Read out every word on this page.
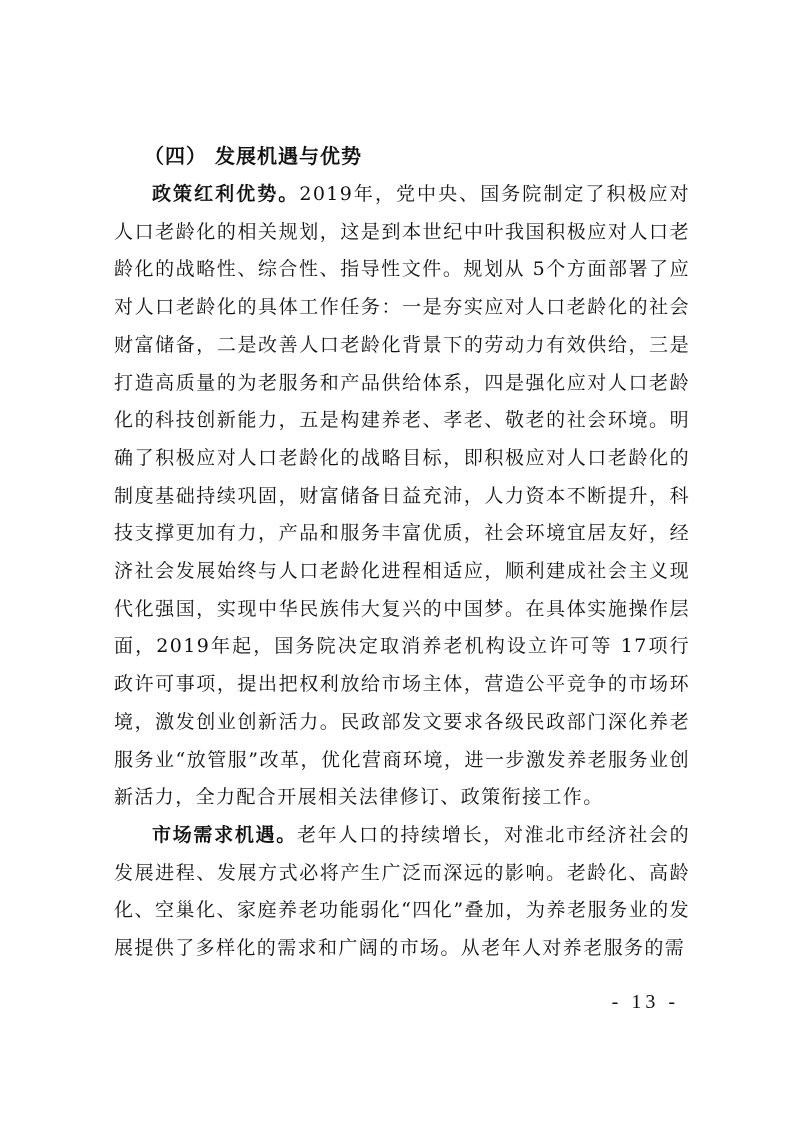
（四） 发展机遇与优势

政策红利优势。2019年，党中央、国务院制定了积极应对人口老龄化的相关规划，这是到本世纪中叶我国积极应对人口老龄化的战略性、综合性、指导性文件。规划从 5个方面部署了应对人口老龄化的具体工作任务：一是夯实应对人口老龄化的社会财富储备，二是改善人口老龄化背景下的劳动力有效供给，三是打造高质量的为老服务和产品供给体系，四是强化应对人口老龄化的科技创新能力，五是构建养老、孝老、敬老的社会环境。明确了积极应对人口老龄化的战略目标，即积极应对人口老龄化的制度基础持续巩固，财富储备日益充沛，人力资本不断提升，科技支撑更加有力，产品和服务丰富优质，社会环境宜居友好，经济社会发展始终与人口老龄化进程相适应，顺利建成社会主义现代化强国，实现中华民族伟大复兴的中国梦。在具体实施操作层面，2019年起，国务院决定取消养老机构设立许可等 17项行政许可事项，提出把权利放给市场主体，营造公平竞争的市场环境，激发创业创新活力。民政部发文要求各级民政部门深化养老服务业“放管服”改革，优化营商环境，进一步激发养老服务业创新活力，全力配合开展相关法律修订、政策衔接工作。

市场需求机遇。老年人口的持续增长，对淮北市经济社会的发展进程、发展方式必将产生广泛而深远的影响。老龄化、高龄化、空巢化、家庭养老功能弱化“四化”叠加，为养老服务业的发展提供了多样化的需求和广阔的市场。从老年人对养老服务的需

- 13 -
